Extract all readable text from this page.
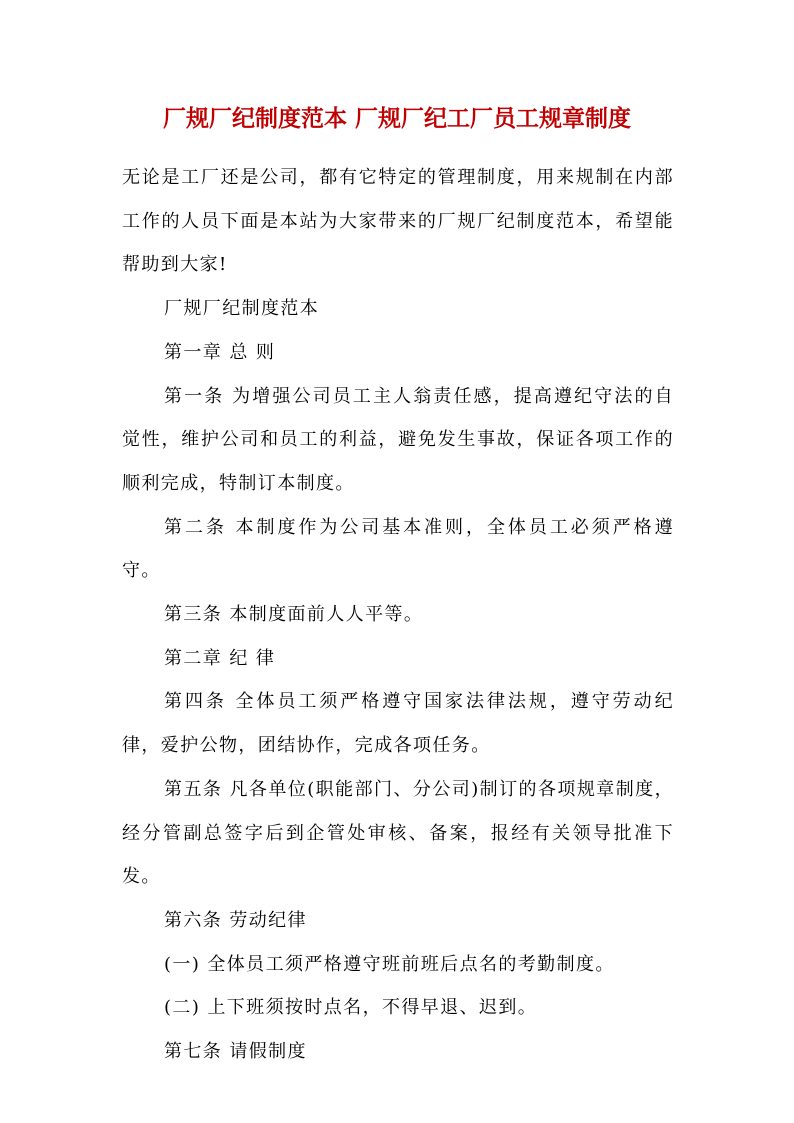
厂规厂纪制度范本 厂规厂纪工厂员工规章制度

无论是工厂还是公司，都有它特定的管理制度，用来规制在内部工作的人员下面是本站为大家带来的厂规厂纪制度范本，希望能帮助到大家!

厂规厂纪制度范本

第一章 总 则

第一条 为增强公司员工主人翁责任感，提高遵纪守法的自觉性，维护公司和员工的利益，避免发生事故，保证各项工作的顺利完成，特制订本制度。

第二条 本制度作为公司基本准则，全体员工必须严格遵守。

第三条 本制度面前人人平等。

第二章 纪 律

第四条 全体员工须严格遵守国家法律法规，遵守劳动纪律，爱护公物，团结协作，完成各项任务。

第五条 凡各单位(职能部门、分公司)制订的各项规章制度，经分管副总签字后到企管处审核、备案，报经有关领导批准下发。

第六条 劳动纪律

(一) 全体员工须严格遵守班前班后点名的考勤制度。

(二) 上下班须按时点名，不得早退、迟到。

第七条 请假制度
